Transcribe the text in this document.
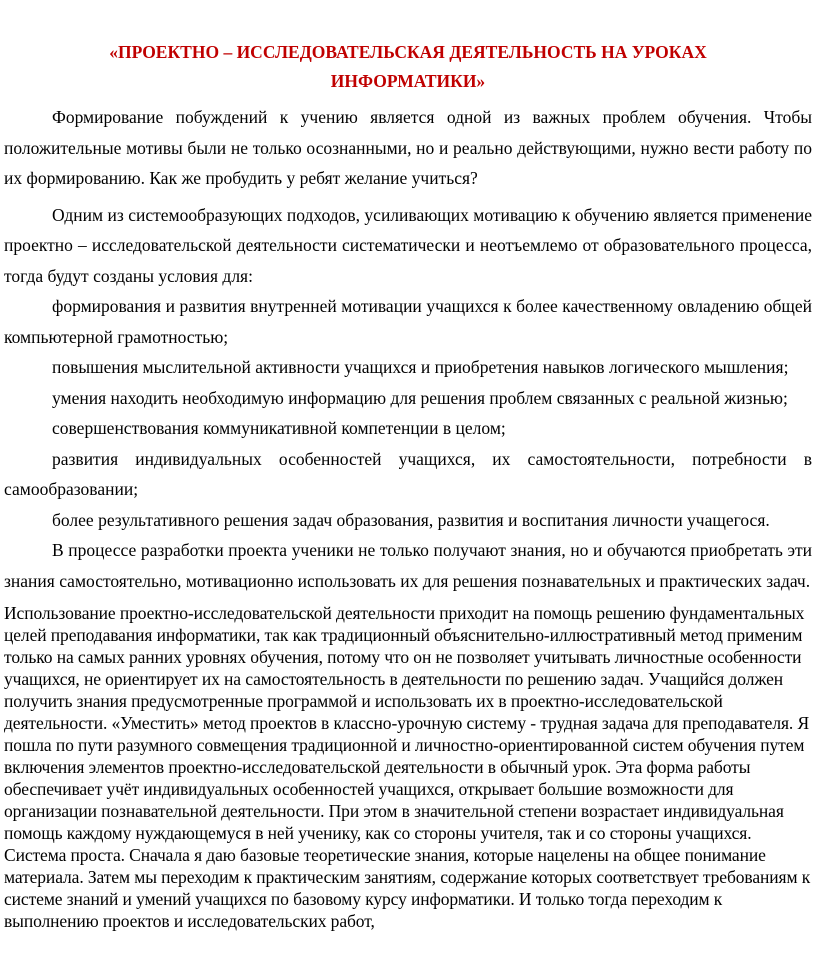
«ПРОЕКТНО – ИССЛЕДОВАТЕЛЬСКАЯ ДЕЯТЕЛЬНОСТЬ НА УРОКАХ ИНФОРМАТИКИ»

Формирование побуждений к учению является одной из важных проблем обучения. Чтобы положительные мотивы были не только осознанными, но и реально действующими, нужно вести работу по их формированию. Как же пробудить у ребят желание учиться?

Одним из системообразующих подходов, усиливающих мотивацию к обучению является применение проектно – исследовательской деятельности систематически и неотъемлемо от образовательного процесса, тогда будут созданы условия для:

формирования и развития внутренней мотивации учащихся к более качественному овладению общей компьютерной грамотностью;

повышения мыслительной активности учащихся и приобретения навыков логического мышления;

умения находить необходимую информацию для решения проблем связанных с реальной жизнью;

совершенствования коммуникативной компетенции в целом;

развития индивидуальных особенностей учащихся, их самостоятельности, потребности в самообразовании;

более результативного решения задач образования, развития и воспитания личности учащегося.

В процессе разработки проекта ученики не только получают знания, но и обучаются приобретать эти знания самостоятельно, мотивационно использовать их для решения познавательных и практических задач.

Использование проектно-исследовательской деятельности приходит на помощь решению фундаментальных целей преподавания информатики, так как традиционный объяснительно-иллюстративный метод применим только на самых ранних уровнях обучения, потому что он не позволяет учитывать личностные особенности учащихся, не ориентирует их на самостоятельность в деятельности по решению задач. Учащийся должен получить знания предусмотренные программой и использовать их в проектно-исследовательской деятельности. «Уместить» метод проектов в классно-урочную систему - трудная задача для преподавателя. Я пошла по пути разумного совмещения традиционной и личностно-ориентированной систем обучения путем включения элементов проектно-исследовательской деятельности в обычный урок. Эта форма работы обеспечивает учёт индивидуальных особенностей учащихся, открывает большие возможности для организации познавательной деятельности. При этом в значительной степени возрастает индивидуальная помощь каждому нуждающемуся в ней ученику, как со стороны учителя, так и со стороны учащихся. Система проста. Сначала я даю базовые теоретические знания, которые нацелены на общее понимание материала. Затем мы переходим к практическим занятиям, содержание которых соответствует требованиям к системе знаний и умений учащихся по базовому курсу информатики. И только тогда переходим к выполнению проектов и исследовательских работ,
